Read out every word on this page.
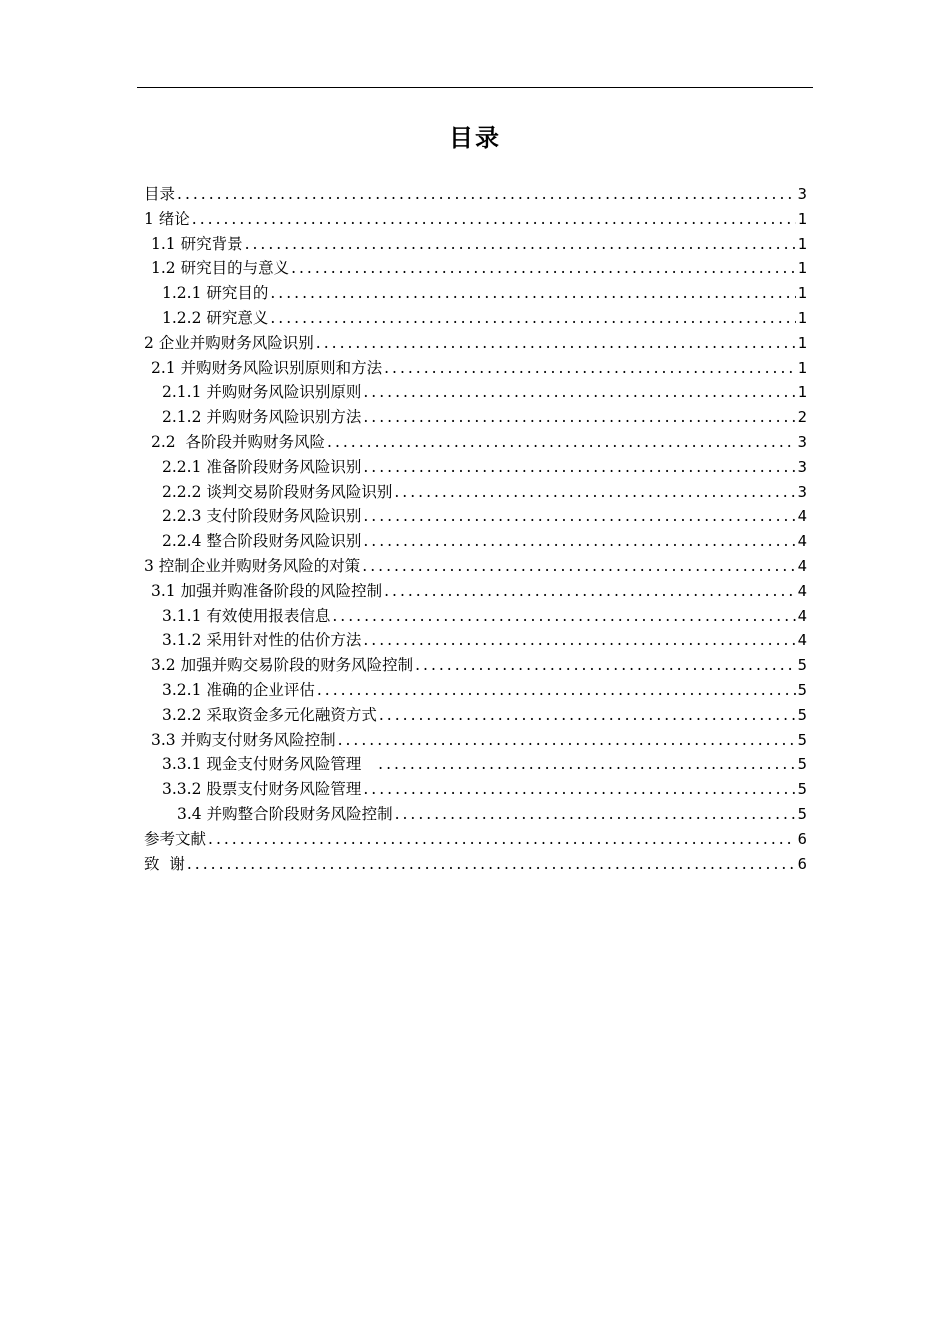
目录
目录 .....	3
1 绪论 .....	1
1.1 研究背景 .....	1
1.2 研究目的与意义 .....	1
1.2.1 研究目的 .....	1
1.2.2 研究意义 .....	1
2 企业并购财务风险识别 .....	1
2.1 并购财务风险识别原则和方法 .....	1
2.1.1 并购财务风险识别原则 .....	1
2.1.2 并购财务风险识别方法 .....	2
2.2  各阶段并购财务风险 .....	3
2.2.1 准备阶段财务风险识别 .....	3
2.2.2 谈判交易阶段财务风险识别 .....	3
2.2.3 支付阶段财务风险识别 .....	4
2.2.4 整合阶段财务风险识别 .....	4
3 控制企业并购财务风险的对策 .....	4
3.1 加强并购准备阶段的风险控制 .....	4
3.1.1 有效使用报表信息 .....	4
3.1.2 采用针对性的估价方法 .....	4
3.2 加强并购交易阶段的财务风险控制 .....	5
3.2.1 准确的企业评估 .....	5
3.2.2 采取资金多元化融资方式 .....	5
3.3 并购支付财务风险控制 .....	5
3.3.1 现金支付财务风险管理 .....	5
3.3.2 股票支付财务风险管理 .....	5
3.4 并购整合阶段财务风险控制 .....	5
参考文献 .....	6
致  谢 .....	6
